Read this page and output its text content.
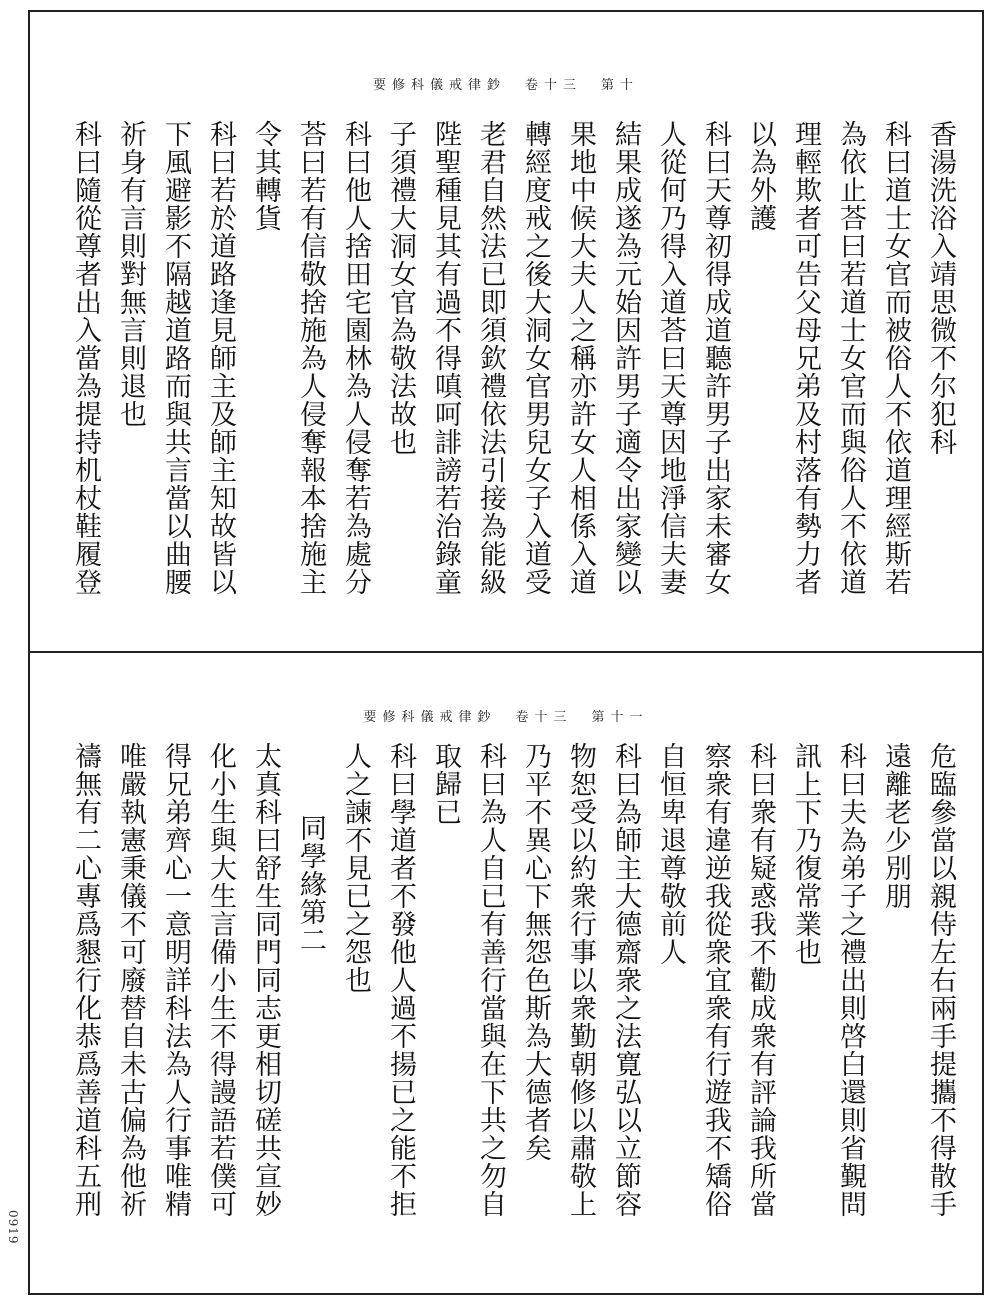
要修科儀戒律鈔　卷十三　第十
香湯洗浴入靖思微不尔犯科
科曰道士女官而被俗人不依道理經斯若
為依止荅曰若道士女官而與俗人不依道
理輕欺者可告父母兄弟及村落有勢力者
以為外護
科曰天尊初得成道聽許男子出家未審女
人從何乃得入道荅曰天尊因地淨信夫妻
結果成遂為元始因許男子適令出家變以
果地中候大夫人之稱亦許女人相係入道
轉經度戒之後大洞女官男兒女子入道受
老君自然法已即須欽禮依法引接為能級
陛聖種見其有過不得嗔呵誹謗若治錄童
子須禮大洞女官為敬法故也
科曰他人捨田宅園林為人侵奪若為處分
荅曰若有信敬捨施為人侵奪報本捨施主
令其轉貨
科曰若於道路逢見師主及師主知故皆以
下風避影不隔越道路而與共言當以曲腰
祈身有言則對無言則退也
科曰隨從尊者出入當為提持机杖鞋履登
要修科儀戒律鈔　卷十三　第十一
危臨參當以親侍左右兩手提攜不得散手
遠離老少別朋
科曰夫為弟子之禮出則啓白還則省覲問
訊上下乃復常業也
科曰衆有疑惑我不勸成衆有評論我所當
察衆有違逆我從衆宜衆有行遊我不矯俗
自恒卑退尊敬前人
科曰為師主大德齋衆之法寛弘以立節容
物恕受以約衆行事以衆勤朝修以肅敬上
乃平不異心下無怨色斯為大德者矣
科曰為人自已有善行當與在下共之勿自
取歸已
科曰學道者不發他人過不揚已之能不拒
人之諫不見已之怨也
同學緣第二
太真科曰舒生同門同志更相切磋共宣妙
化小生與大生言備小生不得謾語若僕可
得兄弟齊心一意明詳科法為人行事唯精
唯嚴執憲秉儀不可廢替自未古偏為他祈
禱無有二心專爲懇行化恭爲善道科五刑
0919
